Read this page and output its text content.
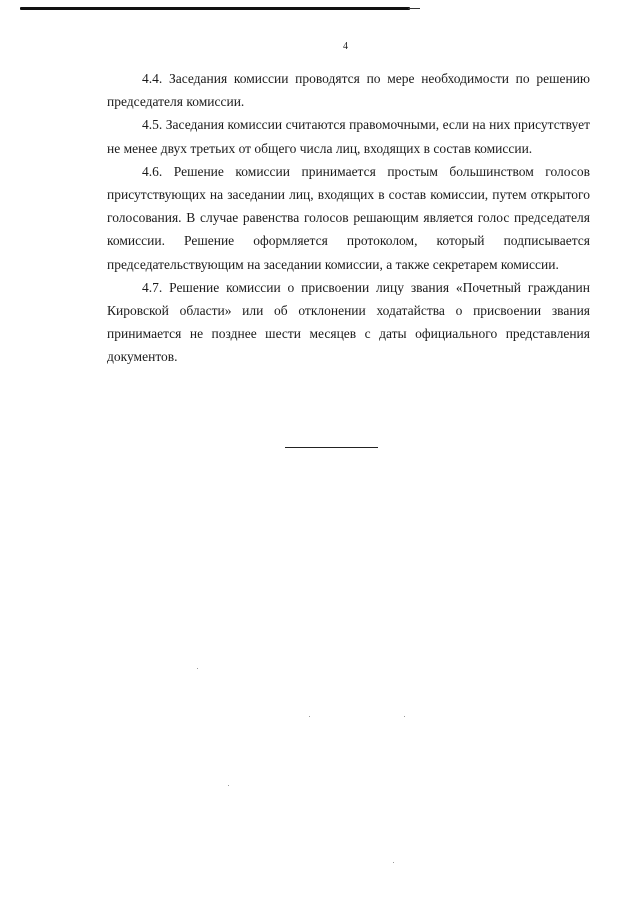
4

4.4. Заседания комиссии проводятся по мере необходимости по решению председателя комиссии.

4.5. Заседания комиссии считаются правомочными, если на них присутствует не менее двух третьих от общего числа лиц, входящих в состав комиссии.

4.6. Решение комиссии принимается простым большинством голосов присутствующих на заседании лиц, входящих в состав комиссии, путем открытого голосования. В случае равенства голосов решающим является голос председателя комиссии. Решение оформляется протоколом, который подписывается председательствующим на заседании комиссии, а также секретарем комиссии.

4.7. Решение комиссии о присвоении лицу звания «Почетный гражданин Кировской области» или об отклонении ходатайства о присвоении звания принимается не позднее шести месяцев с даты официального представления документов.
